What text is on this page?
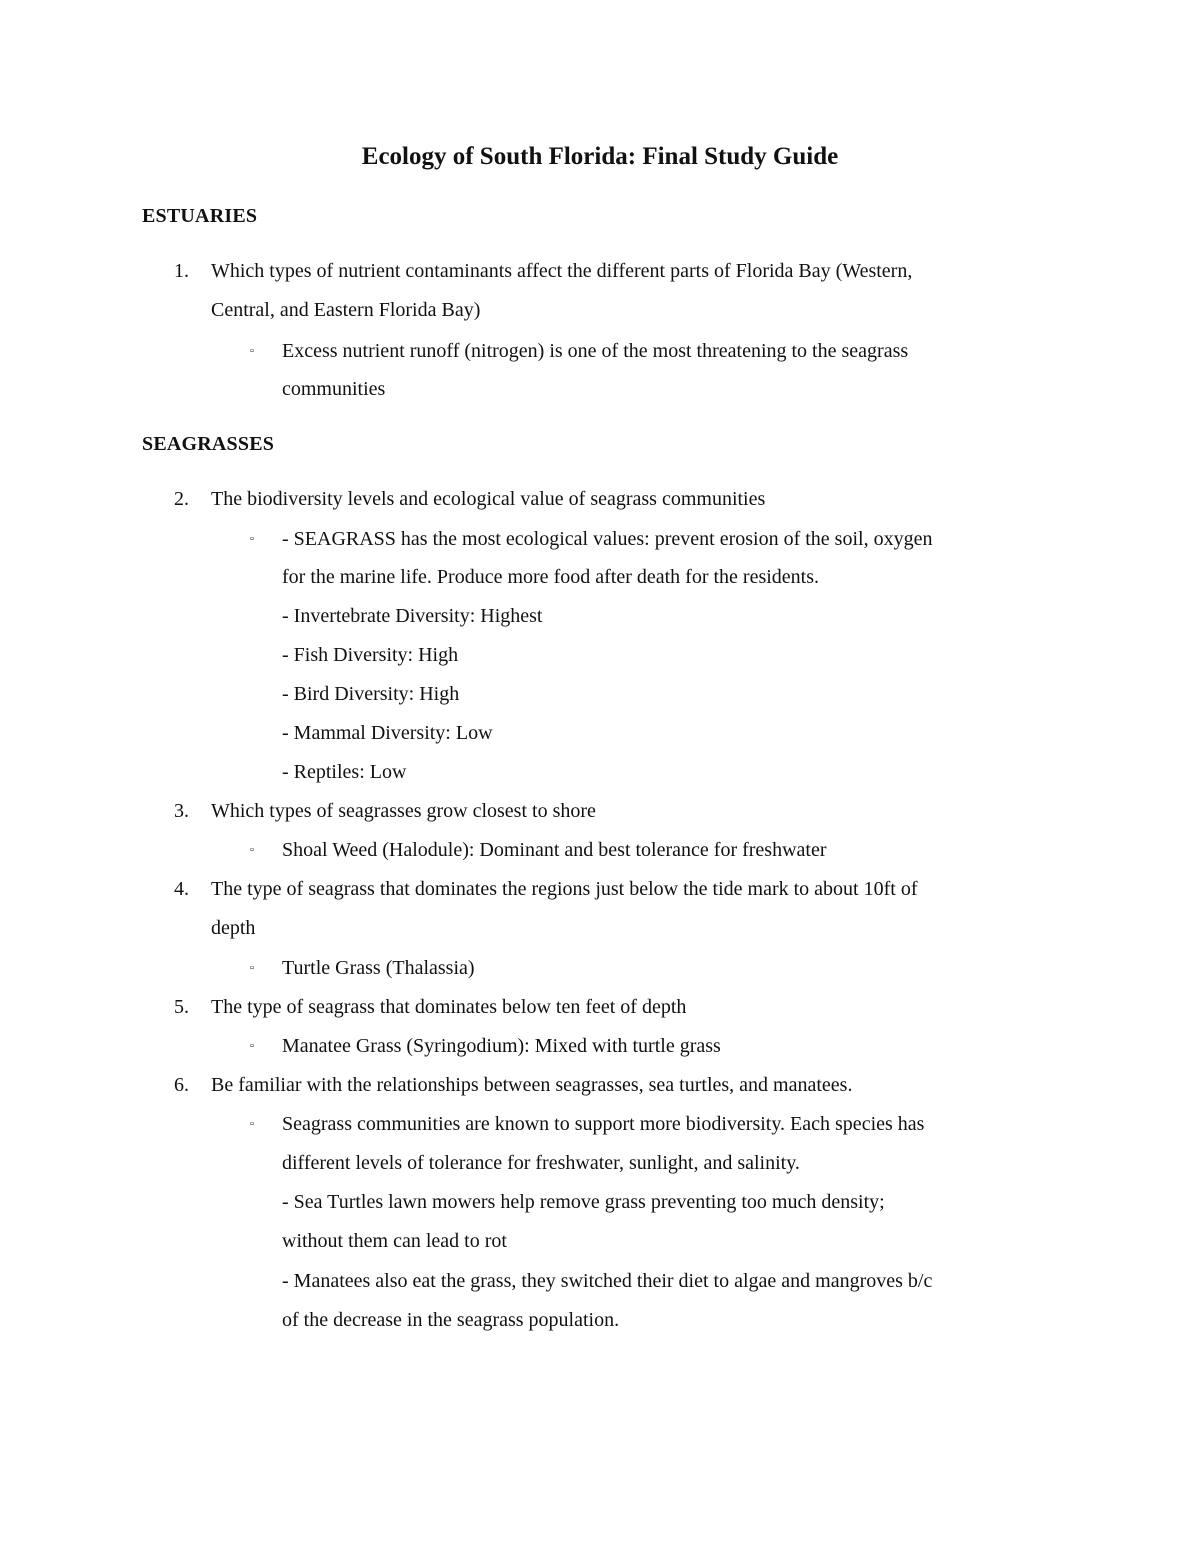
Ecology of South Florida: Final Study Guide
ESTUARIES
1. Which types of nutrient contaminants affect the different parts of Florida Bay (Western,
Central, and Eastern Florida Bay)
▫ Excess nutrient runoff (nitrogen) is one of the most threatening to the seagrass
communities
SEAGRASSES
2. The biodiversity levels and ecological value of seagrass communities
▫ - SEAGRASS has the most ecological values: prevent erosion of the soil, oxygen
for the marine life. Produce more food after death for the residents.
- Invertebrate Diversity: Highest
- Fish Diversity: High
- Bird Diversity: High
- Mammal Diversity: Low
- Reptiles: Low
3. Which types of seagrasses grow closest to shore
▫ Shoal Weed (Halodule): Dominant and best tolerance for freshwater
4. The type of seagrass that dominates the regions just below the tide mark to about 10ft of
depth
▫ Turtle Grass (Thalassia)
5. The type of seagrass that dominates below ten feet of depth
▫ Manatee Grass (Syringodium): Mixed with turtle grass
6. Be familiar with the relationships between seagrasses, sea turtles, and manatees.
▫ Seagrass communities are known to support more biodiversity. Each species has
different levels of tolerance for freshwater, sunlight, and salinity.
- Sea Turtles lawn mowers help remove grass preventing too much density;
without them can lead to rot
- Manatees also eat the grass, they switched their diet to algae and mangroves b/c
of the decrease in the seagrass population.
